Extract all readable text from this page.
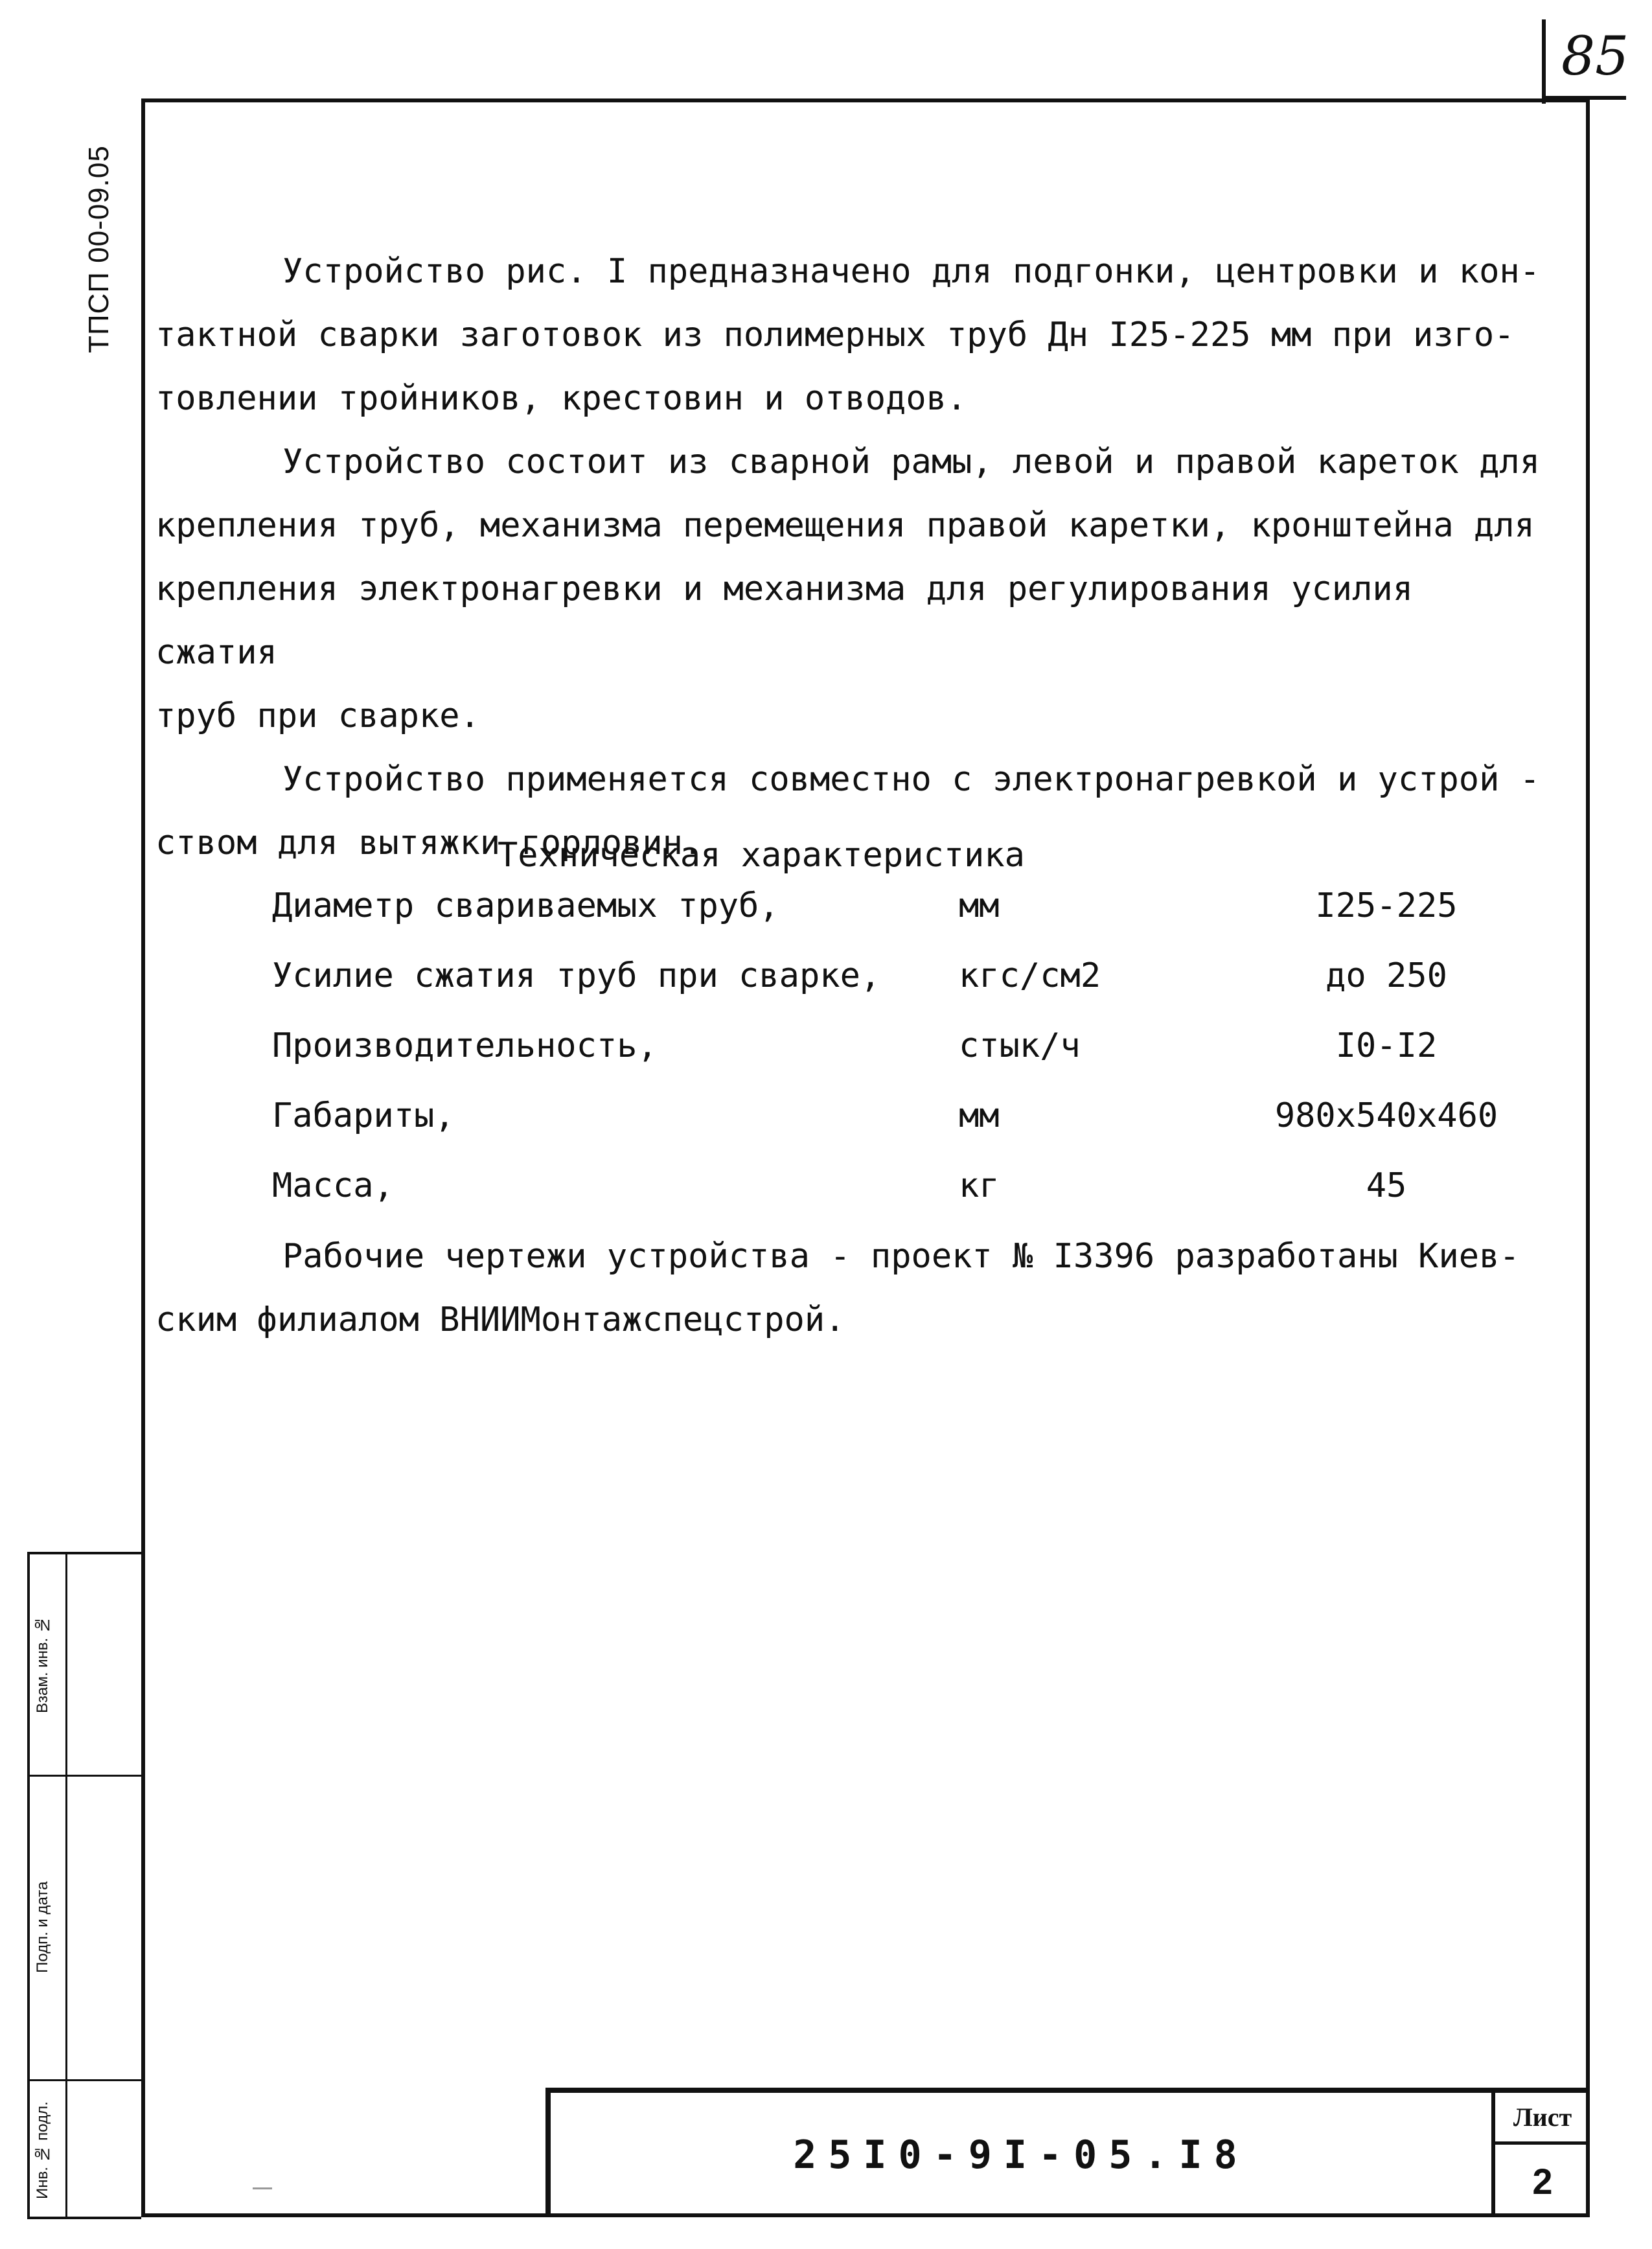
85
ТПСП 00-09.05	Устройство рис. I предназначено для подгонки, центровки и кон-

тактной сварки заготовок из полимерных труб Дн I25-225 мм при изго-

товлении тройников, крестовин и отводов.

Устройство состоит из сварной рамы, левой и правой кареток для

крепления труб, механизма перемещения правой каретки, кронштейна для

крепления электронагревки и механизма для регулирования усилия сжатия

труб при сварке.

Устройство применяется совместно с электронагревкой и устрой -

ством для вытяжки горловин.

Техническая характеристика
Диаметр свариваемых труб,	мм	I25-225
Усилие сжатия труб при сварке, кгс/см2	до 250
Производительность,	стык/ч	I0-I2
Габариты,	мм	980x540x460
Масса,	кг	45

Рабочие чертежи устройства - проект № I3396 разработаны Киев-

ским филиалом ВНИИМонтажспецстрой.

Взам. инв. №
Подп. и дата
Инв. № подл.	25I0-9I-05.I8
Лист
2
